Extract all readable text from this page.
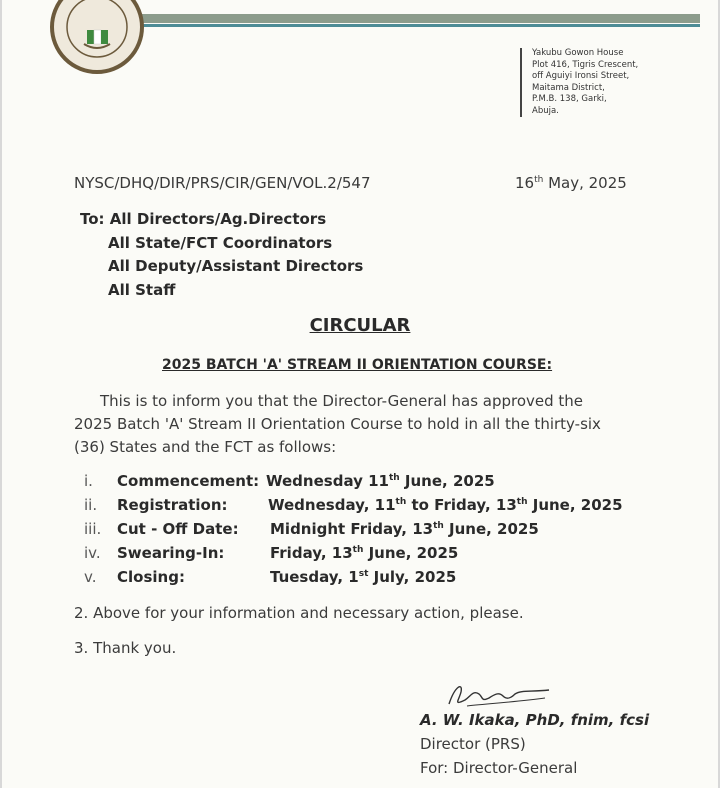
Yakubu Gowon House
Plot 416, Tigris Crescent,
off Aguiyi Ironsi Street,
Maitama District,
P.M.B. 138, Garki,
Abuja.
NYSC/DHQ/DIR/PRS/CIR/GEN/VOL.2/547	16th May, 2025
To: All Directors/Ag.Directors
All State/FCT Coordinators
All Deputy/Assistant Directors
All Staff
CIRCULAR
2025 BATCH 'A' STREAM II ORIENTATION COURSE:
This is to inform you that the Director-General has approved the
2025 Batch 'A' Stream II Orientation Course to hold in all the thirty-six
(36) States and the FCT as follows:
i. Commencement: Wednesday 11th June, 2025
ii. Registration:	Wednesday, 11th to Friday, 13th June, 2025
iii. Cut - Off Date: Midnight Friday, 13th June, 2025
iv. Swearing-In:	Friday, 13th June, 2025
v. Closing:	Tuesday, 1st July, 2025
2. Above for your information and necessary action, please.
3. Thank you.
A. W. Ikaka, PhD, fnim, fcsi
Director (PRS)
For: Director-General
